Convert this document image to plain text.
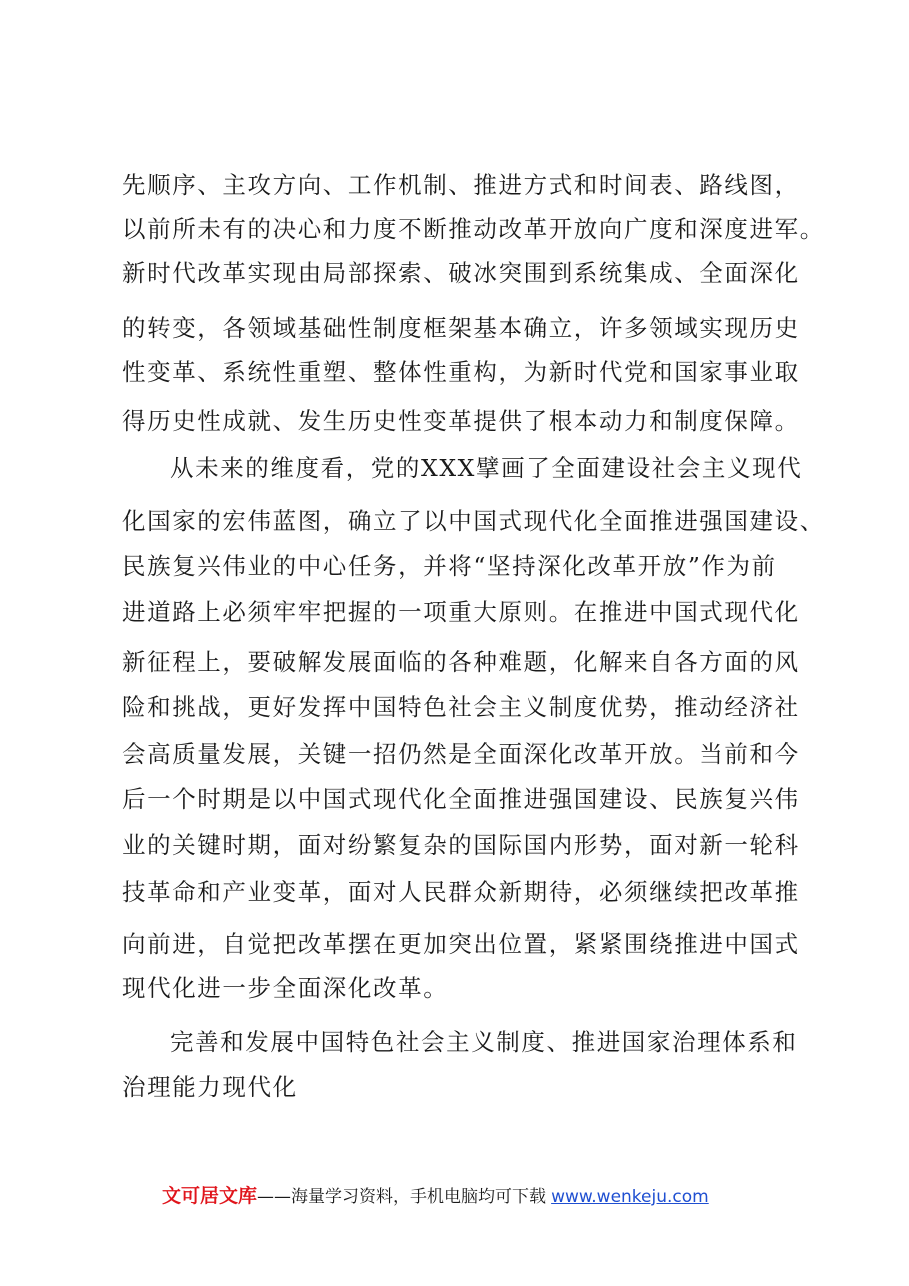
先顺序、主攻方向、工作机制、推进方式和时间表、路线图，
以前所未有的决心和力度不断推动改革开放向广度和深度进军。
新时代改革实现由局部探索、破冰突围到系统集成、全面深化
的转变，各领域基础性制度框架基本确立，许多领域实现历史
性变革、系统性重塑、整体性重构，为新时代党和国家事业取
得历史性成就、发生历史性变革提供了根本动力和制度保障。
从未来的维度看，党的XXX擘画了全面建设社会主义现代
化国家的宏伟蓝图，确立了以中国式现代化全面推进强国建设、
民族复兴伟业的中心任务，并将“坚持深化改革开放”作为前
进道路上必须牢牢把握的一项重大原则。在推进中国式现代化
新征程上，要破解发展面临的各种难题，化解来自各方面的风
险和挑战，更好发挥中国特色社会主义制度优势，推动经济社
会高质量发展，关键一招仍然是全面深化改革开放。当前和今
后一个时期是以中国式现代化全面推进强国建设、民族复兴伟
业的关键时期，面对纷繁复杂的国际国内形势，面对新一轮科
技革命和产业变革，面对人民群众新期待，必须继续把改革推
向前进，自觉把改革摆在更加突出位置，紧紧围绕推进中国式
现代化进一步全面深化改革。
完善和发展中国特色社会主义制度、推进国家治理体系和
治理能力现代化
文可居文库——海量学习资料，手机电脑均可下载 www.wenkeju.com
